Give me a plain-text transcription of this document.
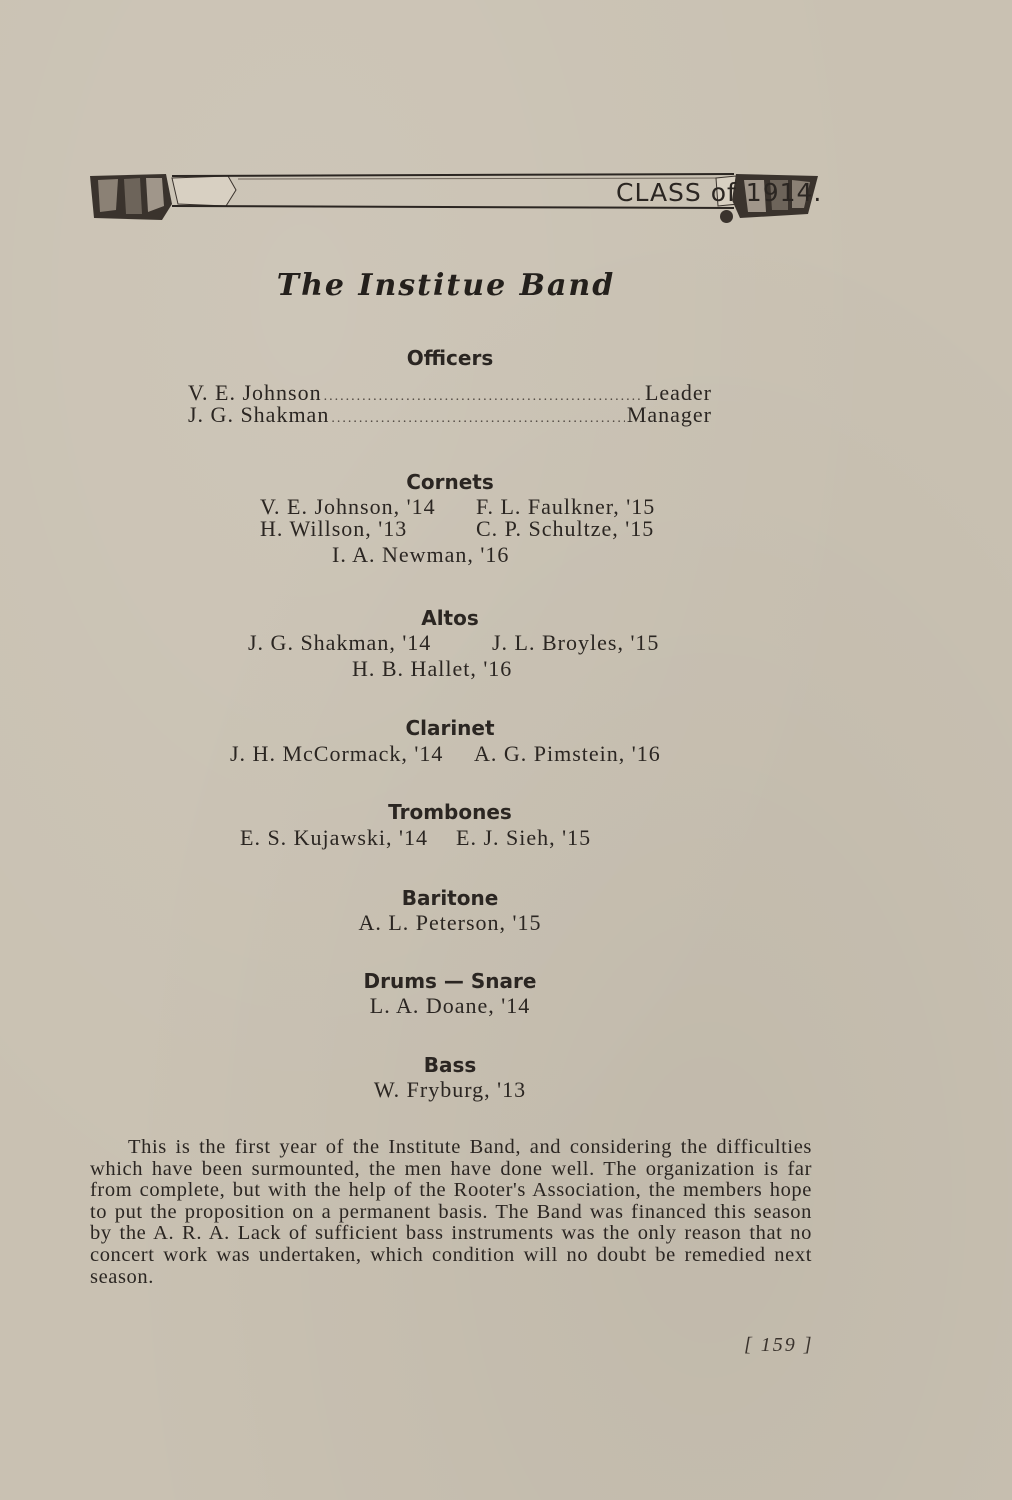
CLASS of 1914.
The Institue Band
Officers
V. E. Johnson .....	Leader
J. G. Shakman .....	Manager
Cornets
V. E. Johnson, '14 F. L. Faulkner, '15
H. Willson, '13	C. P. Schultze, '15
I. A. Newman, '16
Altos
J. G. Shakman, '14	J. L. Broyles, '15
H. B. Hallet, '16
Clarinet
J. H. McCormack, '14 A. G. Pimstein, '16
Trombones
E. S. Kujawski, '14 E. J. Sieh, '15
Baritone
A. L. Peterson, '15
Drums — Snare
L. A. Doane, '14
Bass
W. Fryburg, '13
This is the first year of the Institute Band, and considering the difficulties which have been surmounted, the men have done well. The organization is far from complete, but with the help of the Rooter's Association, the members hope to put the proposition on a permanent basis. The Band was financed this season by the A. R. A. Lack of sufficient bass instruments was the only reason that no concert work was undertaken, which condition will no doubt be remedied next season.
[ 159 ]
